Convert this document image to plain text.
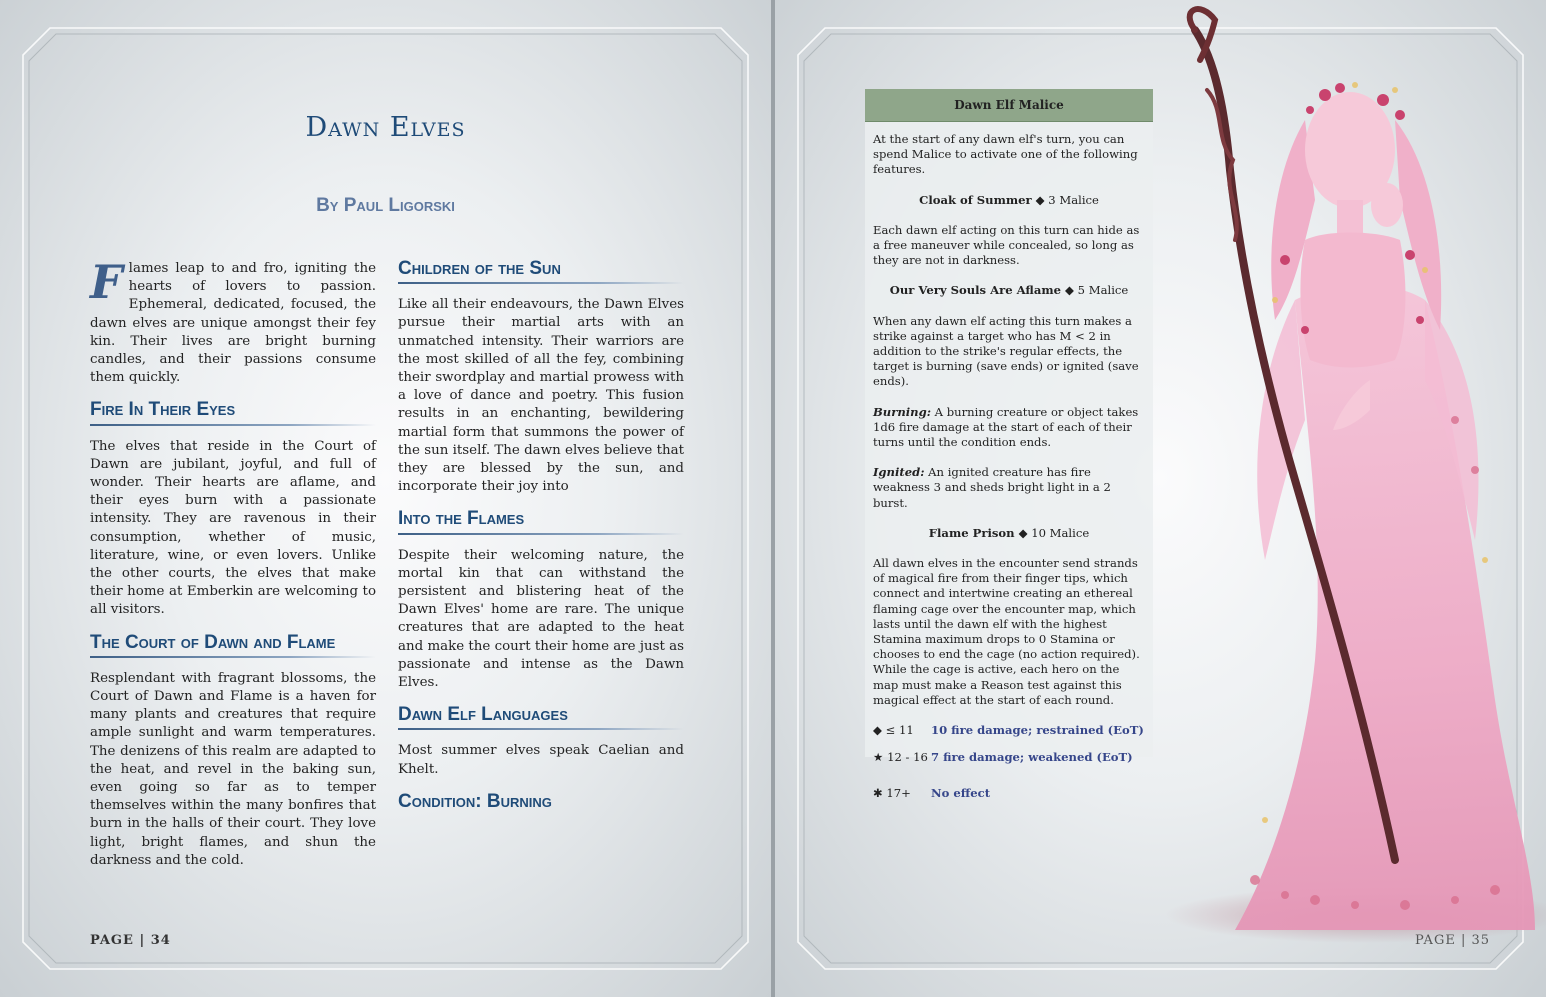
Dawn Elves
By Paul Ligorski

Flames leap to and fro, igniting the hearts of lovers to passion. Ephemeral, dedicated, focused, the dawn elves are unique amongst their fey kin. Their lives are bright burning candles, and their passions consume them quickly.

Fire In Their Eyes

The elves that reside in the Court of Dawn are jubilant, joyful, and full of wonder. Their hearts are aflame, and their eyes burn with a passionate intensity. They are ravenous in their consumption, whether of music, literature, wine, or even lovers. Unlike the other courts, the elves that make their home at Emberkin are welcoming to all visitors.

The Court of Dawn and Flame

Resplendant with fragrant blossoms, the Court of Dawn and Flame is a haven for many plants and creatures that require ample sunlight and warm temperatures. The denizens of this realm are adapted to the heat, and revel in the baking sun, even going so far as to temper themselves within the many bonfires that burn in the halls of their court. They love light, bright flames, and shun the darkness and the cold.

Children of the Sun

Like all their endeavours, the Dawn Elves pursue their martial arts with an unmatched intensity. Their warriors are the most skilled of all the fey, combining their swordplay and martial prowess with a love of dance and poetry. This fusion results in an enchanting, bewildering martial form that summons the power of the sun itself. The dawn elves believe that they are blessed by the sun, and incorporate their joy into

Into the Flames

Despite their welcoming nature, the mortal kin that can withstand the persistent and blistering heat of the Dawn Elves' home are rare. The unique creatures that are adapted to the heat and make the court their home are just as passionate and intense as the Dawn Elves.

Dawn Elf Languages

Most summer elves speak Caelian and Khelt.

Condition: Burning
PAGE | 34
Dawn Elf Malice

At the start of any dawn elf's turn, you can spend Malice to activate one of the following features.

Cloak of Summer ◆ 3 Malice

Each dawn elf acting on this turn can hide as a free maneuver while concealed, so long as they are not in darkness.

Our Very Souls Are Aflame ◆ 5 Malice

When any dawn elf acting this turn makes a strike against a target who has M < 2 in addition to the strike's regular effects, the target is burning (save ends) or ignited (save ends).

Burning: A burning creature or object takes 1d6 fire damage at the start of each of their turns until the condition ends.

Ignited: An ignited creature has fire weakness 3 and sheds bright light in a 2 burst.

Flame Prison ◆ 10 Malice

All dawn elves in the encounter send strands of magical fire from their finger tips, which connect and intertwine creating an ethereal flaming cage over the encounter map, which lasts until the dawn elf with the highest Stamina maximum drops to 0 Stamina or chooses to end the cage (no action required). While the cage is active, each hero on the map must make a Reason test against this magical effect at the start of each round.

◆ ≤ 11	10 fire damage; restrained (EoT)
★ 12 - 16 7 fire damage; weakened (EoT)
✱ 17+	No effect
PAGE | 35
